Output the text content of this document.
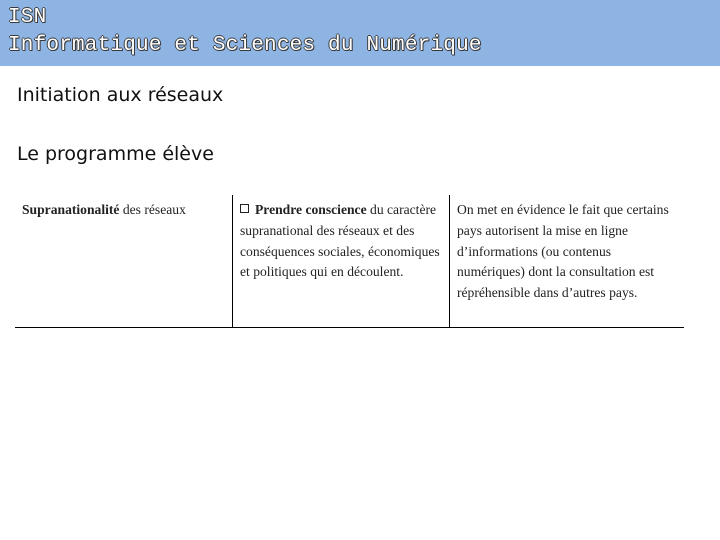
ISN
Informatique et Sciences du Numérique
Initiation aux réseaux
Le programme élève
Supranationalité des réseaux	Prendre conscience du caractère supranational des réseaux et des conséquences sociales, économiques et politiques qui en découlent.
On met en évidence le fait que certains pays autorisent la mise en ligne d’informations (ou contenus numériques) dont la consultation est répréhensible dans d’autres pays.
